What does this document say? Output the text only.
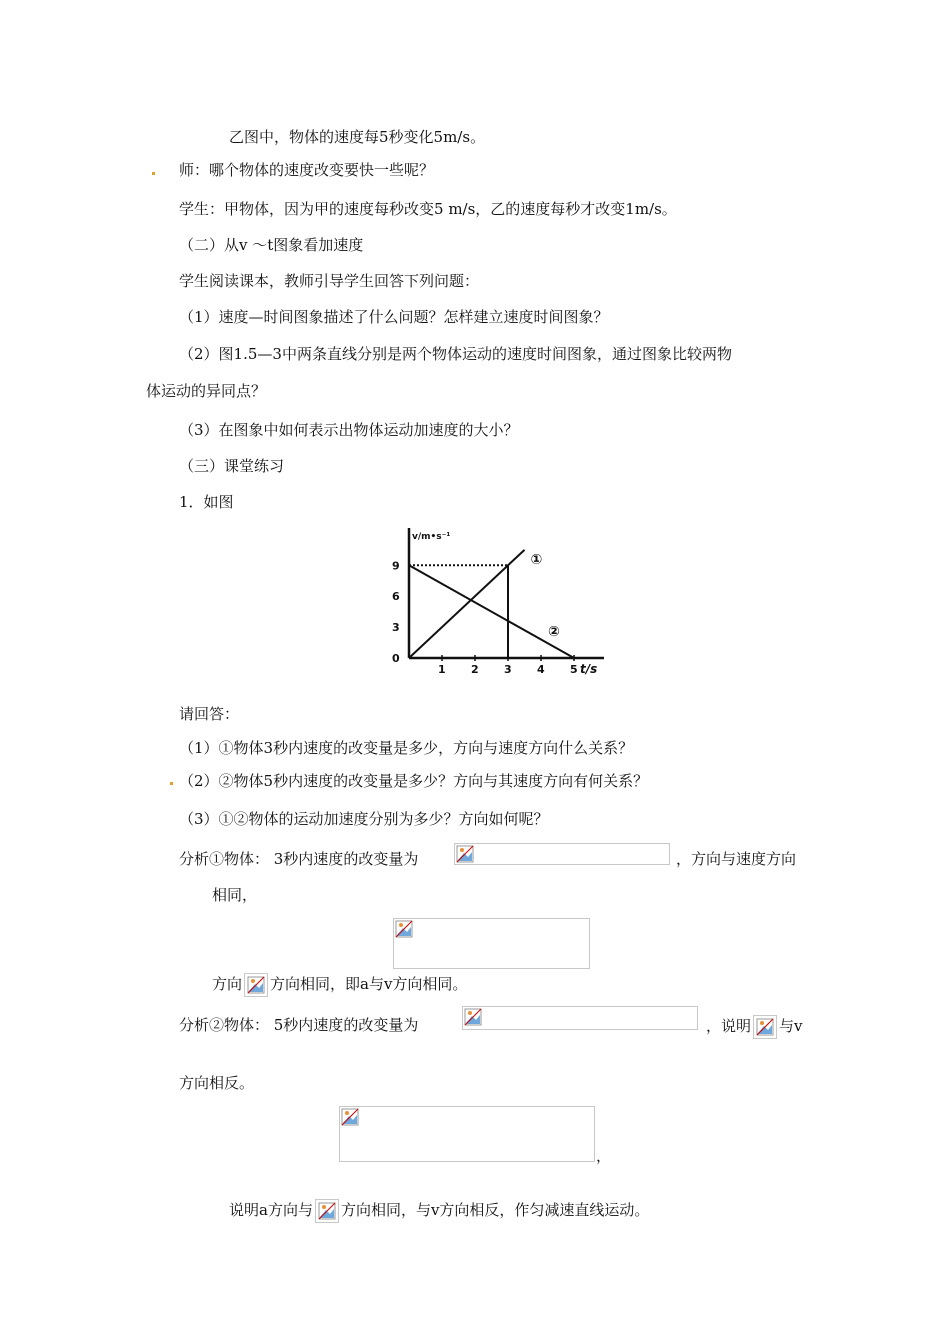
乙图中，物体的速度每5秒变化5m/s。
师：哪个物体的速度改变要快一些呢？
学生：甲物体，因为甲的速度每秒改变5 m/s，乙的速度每秒才改变1m/s。
（二）从v ～t图象看加速度
学生阅读课本，教师引导学生回答下列问题：
（1）速度—时间图象描述了什么问题？怎样建立速度时间图象？
（2）图1.5—3中两条直线分别是两个物体运动的速度时间图象，通过图象比较两物
体运动的异同点？
（3）在图象中如何表示出物体运动加速度的大小？
（三）课堂练习
1．如图
①
②
1 2 3 4 5
0
3
6
9
v/m•s⁻¹
t/s
请回答：
（1）①物体3秒内速度的改变量是多少，方向与速度方向什么关系？
（2）②物体5秒内速度的改变量是多少？方向与其速度方向有何关系？
（3）①②物体的运动加速度分别为多少？方向如何呢？
分析①物体： 3秒内速度的改变量为	，方向与速度方向
相同，
方向 方向相同，即a与v方向相同。
分析②物体： 5秒内速度的改变量为	，说明 与v
方向相反。
，
说明a方向与 方向相同，与v方向相反，作匀减速直线运动。
